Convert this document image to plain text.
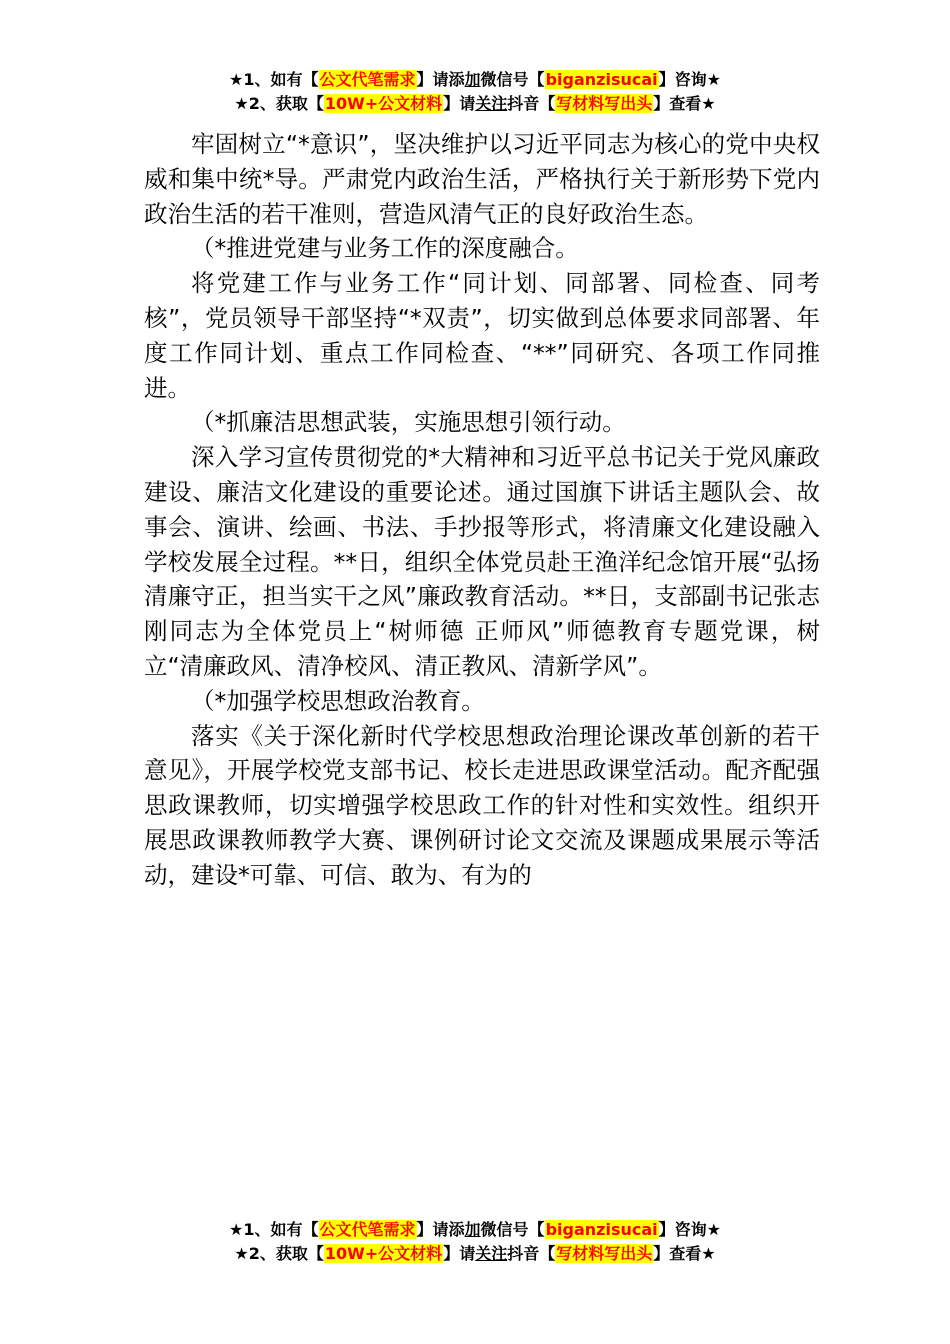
★1、如有【公文代笔需求】请添加微信号【biganzisucai】咨询★
★2、获取【10W+公文材料】请关注抖音【写材料写出头】查看★

牢固树立“*意识”，坚决维护以习近平同志为核心的党中央权威和集中统*导。严肃党内政治生活，严格执行关于新形势下党内政治生活的若干准则，营造风清气正的良好政治生态。

（*推进党建与业务工作的深度融合。

将党建工作与业务工作“同计划、同部署、同检查、同考核”，党员领导干部坚持“*双责”，切实做到总体要求同部署、年度工作同计划、重点工作同检查、“**”同研究、各项工作同推进。

（*抓廉洁思想武装，实施思想引领行动。

深入学习宣传贯彻党的*大精神和习近平总书记关于党风廉政建设、廉洁文化建设的重要论述。通过国旗下讲话主题队会、故事会、演讲、绘画、书法、手抄报等形式，将清廉文化建设融入学校发展全过程。**日，组织全体党员赴王渔洋纪念馆开展“弘扬清廉守正，担当实干之风”廉政教育活动。**日，支部副书记张志刚同志为全体党员上“树师德 正师风”师德教育专题党课，树立“清廉政风、清净校风、清正教风、清新学风”。

（*加强学校思想政治教育。

落实《关于深化新时代学校思想政治理论课改革创新的若干意见》，开展学校党支部书记、校长走进思政课堂活动。配齐配强思政课教师，切实增强学校思政工作的针对性和实效性。组织开展思政课教师教学大赛、课例研讨论文交流及课题成果展示等活动，建设*可靠、可信、敢为、有为的

★1、如有【公文代笔需求】请添加微信号【biganzisucai】咨询★
★2、获取【10W+公文材料】请关注抖音【写材料写出头】查看★
